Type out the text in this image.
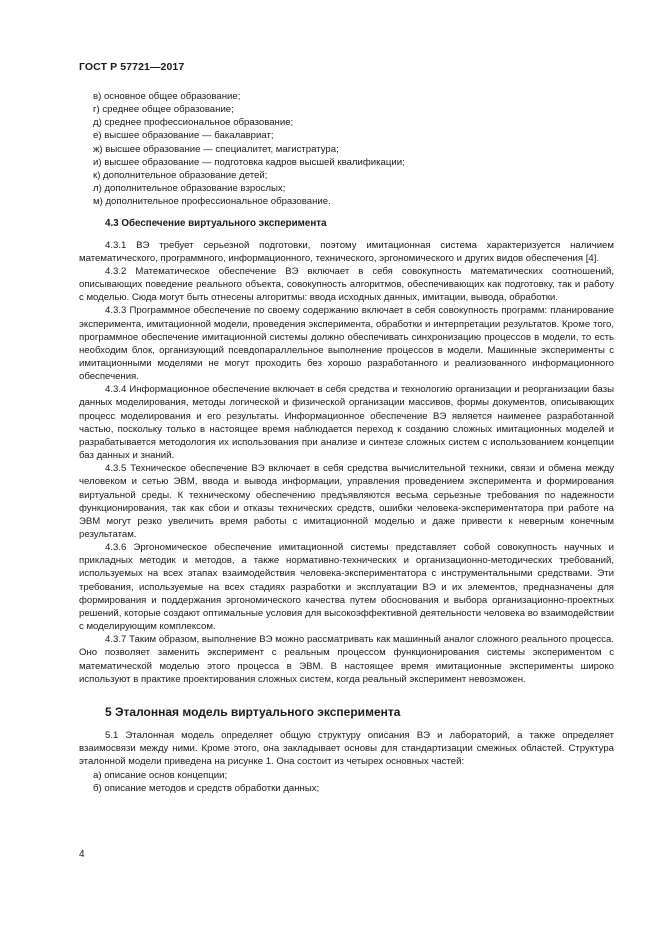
ГОСТ Р 57721—2017
в) основное общее образование;
г) среднее общее образование;
д) среднее профессиональное образование;
е) высшее образование — бакалавриат;
ж) высшее образование — специалитет, магистратура;
и) высшее образование — подготовка кадров высшей квалификации;
к) дополнительное образование детей;
л) дополнительное образование взрослых;
м) дополнительное профессиональное образование.
4.3 Обеспечение виртуального эксперимента

4.3.1 ВЭ требует серьезной подготовки, поэтому имитационная система характеризуется наличием математического, программного, информационного, технического, эргономического и других видов обеспечения [4].

4.3.2 Математическое обеспечение ВЭ включает в себя совокупность математических соотношений, описывающих поведение реального объекта, совокупность алгоритмов, обеспечивающих как подготовку, так и работу с моделью. Сюда могут быть отнесены алгоритмы: ввода исходных данных, имитации, вывода, обработки.

4.3.3 Программное обеспечение по своему содержанию включает в себя совокупность программ: планирование эксперимента, имитационной модели, проведения эксперимента, обработки и интерпретации результатов. Кроме того, программное обеспечение имитационной системы должно обеспечивать синхронизацию процессов в модели, то есть необходим блок, организующий псевдопараллельное выполнение процессов в модели. Машинные эксперименты с имитационными моделями не могут проходить без хорошо разработанного и реализованного информационного обеспечения.

4.3.4 Информационное обеспечение включает в себя средства и технологию организации и реорганизации базы данных моделирования, методы логической и физической организации массивов, формы документов, описывающих процесс моделирования и его результаты. Информационное обеспечение ВЭ является наименее разработанной частью, поскольку только в настоящее время наблюдается переход к созданию сложных имитационных моделей и разрабатывается методология их использования при анализе и синтезе сложных систем с использованием концепции баз данных и знаний.

4.3.5 Техническое обеспечение ВЭ включает в себя средства вычислительной техники, связи и обмена между человеком и сетью ЭВМ, ввода и вывода информации, управления проведением эксперимента и формирования виртуальной среды. К техническому обеспечению предъявляются весьма серьезные требования по надежности функционирования, так как сбои и отказы технических средств, ошибки человека-экспериментатора при работе на ЭВМ могут резко увеличить время работы с имитационной моделью и даже привести к неверным конечным результатам.

4.3.6 Эргономическое обеспечение имитационной системы представляет собой совокупность научных и прикладных методик и методов, а также нормативно-технических и организационно-методических требований, используемых на всех этапах взаимодействия человека-экспериментатора с инструментальными средствами. Эти требования, используемые на всех стадиях разработки и эксплуатации ВЭ и их элементов, предназначены для формирования и поддержания эргономического качества путем обоснования и выбора организационно-проектных решений, которые создают оптимальные условия для высокоэффективной деятельности человека во взаимодействии с моделирующим комплексом.

4.3.7 Таким образом, выполнение ВЭ можно рассматривать как машинный аналог сложного реального процесса. Оно позволяет заменить эксперимент с реальным процессом функционирования системы экспериментом с математической моделью этого процесса в ЭВМ. В настоящее время имитационные эксперименты широко используют в практике проектирования сложных систем, когда реальный эксперимент невозможен.

5 Эталонная модель виртуального эксперимента

5.1 Эталонная модель определяет общую структуру описания ВЭ и лабораторий, а также определяет взаимосвязи между ними. Кроме этого, она закладывает основы для стандартизации смежных областей. Структура эталонной модели приведена на рисунке 1. Она состоит из четырех основных частей:

а) описание основ концепции;
б) описание методов и средств обработки данных;
4
